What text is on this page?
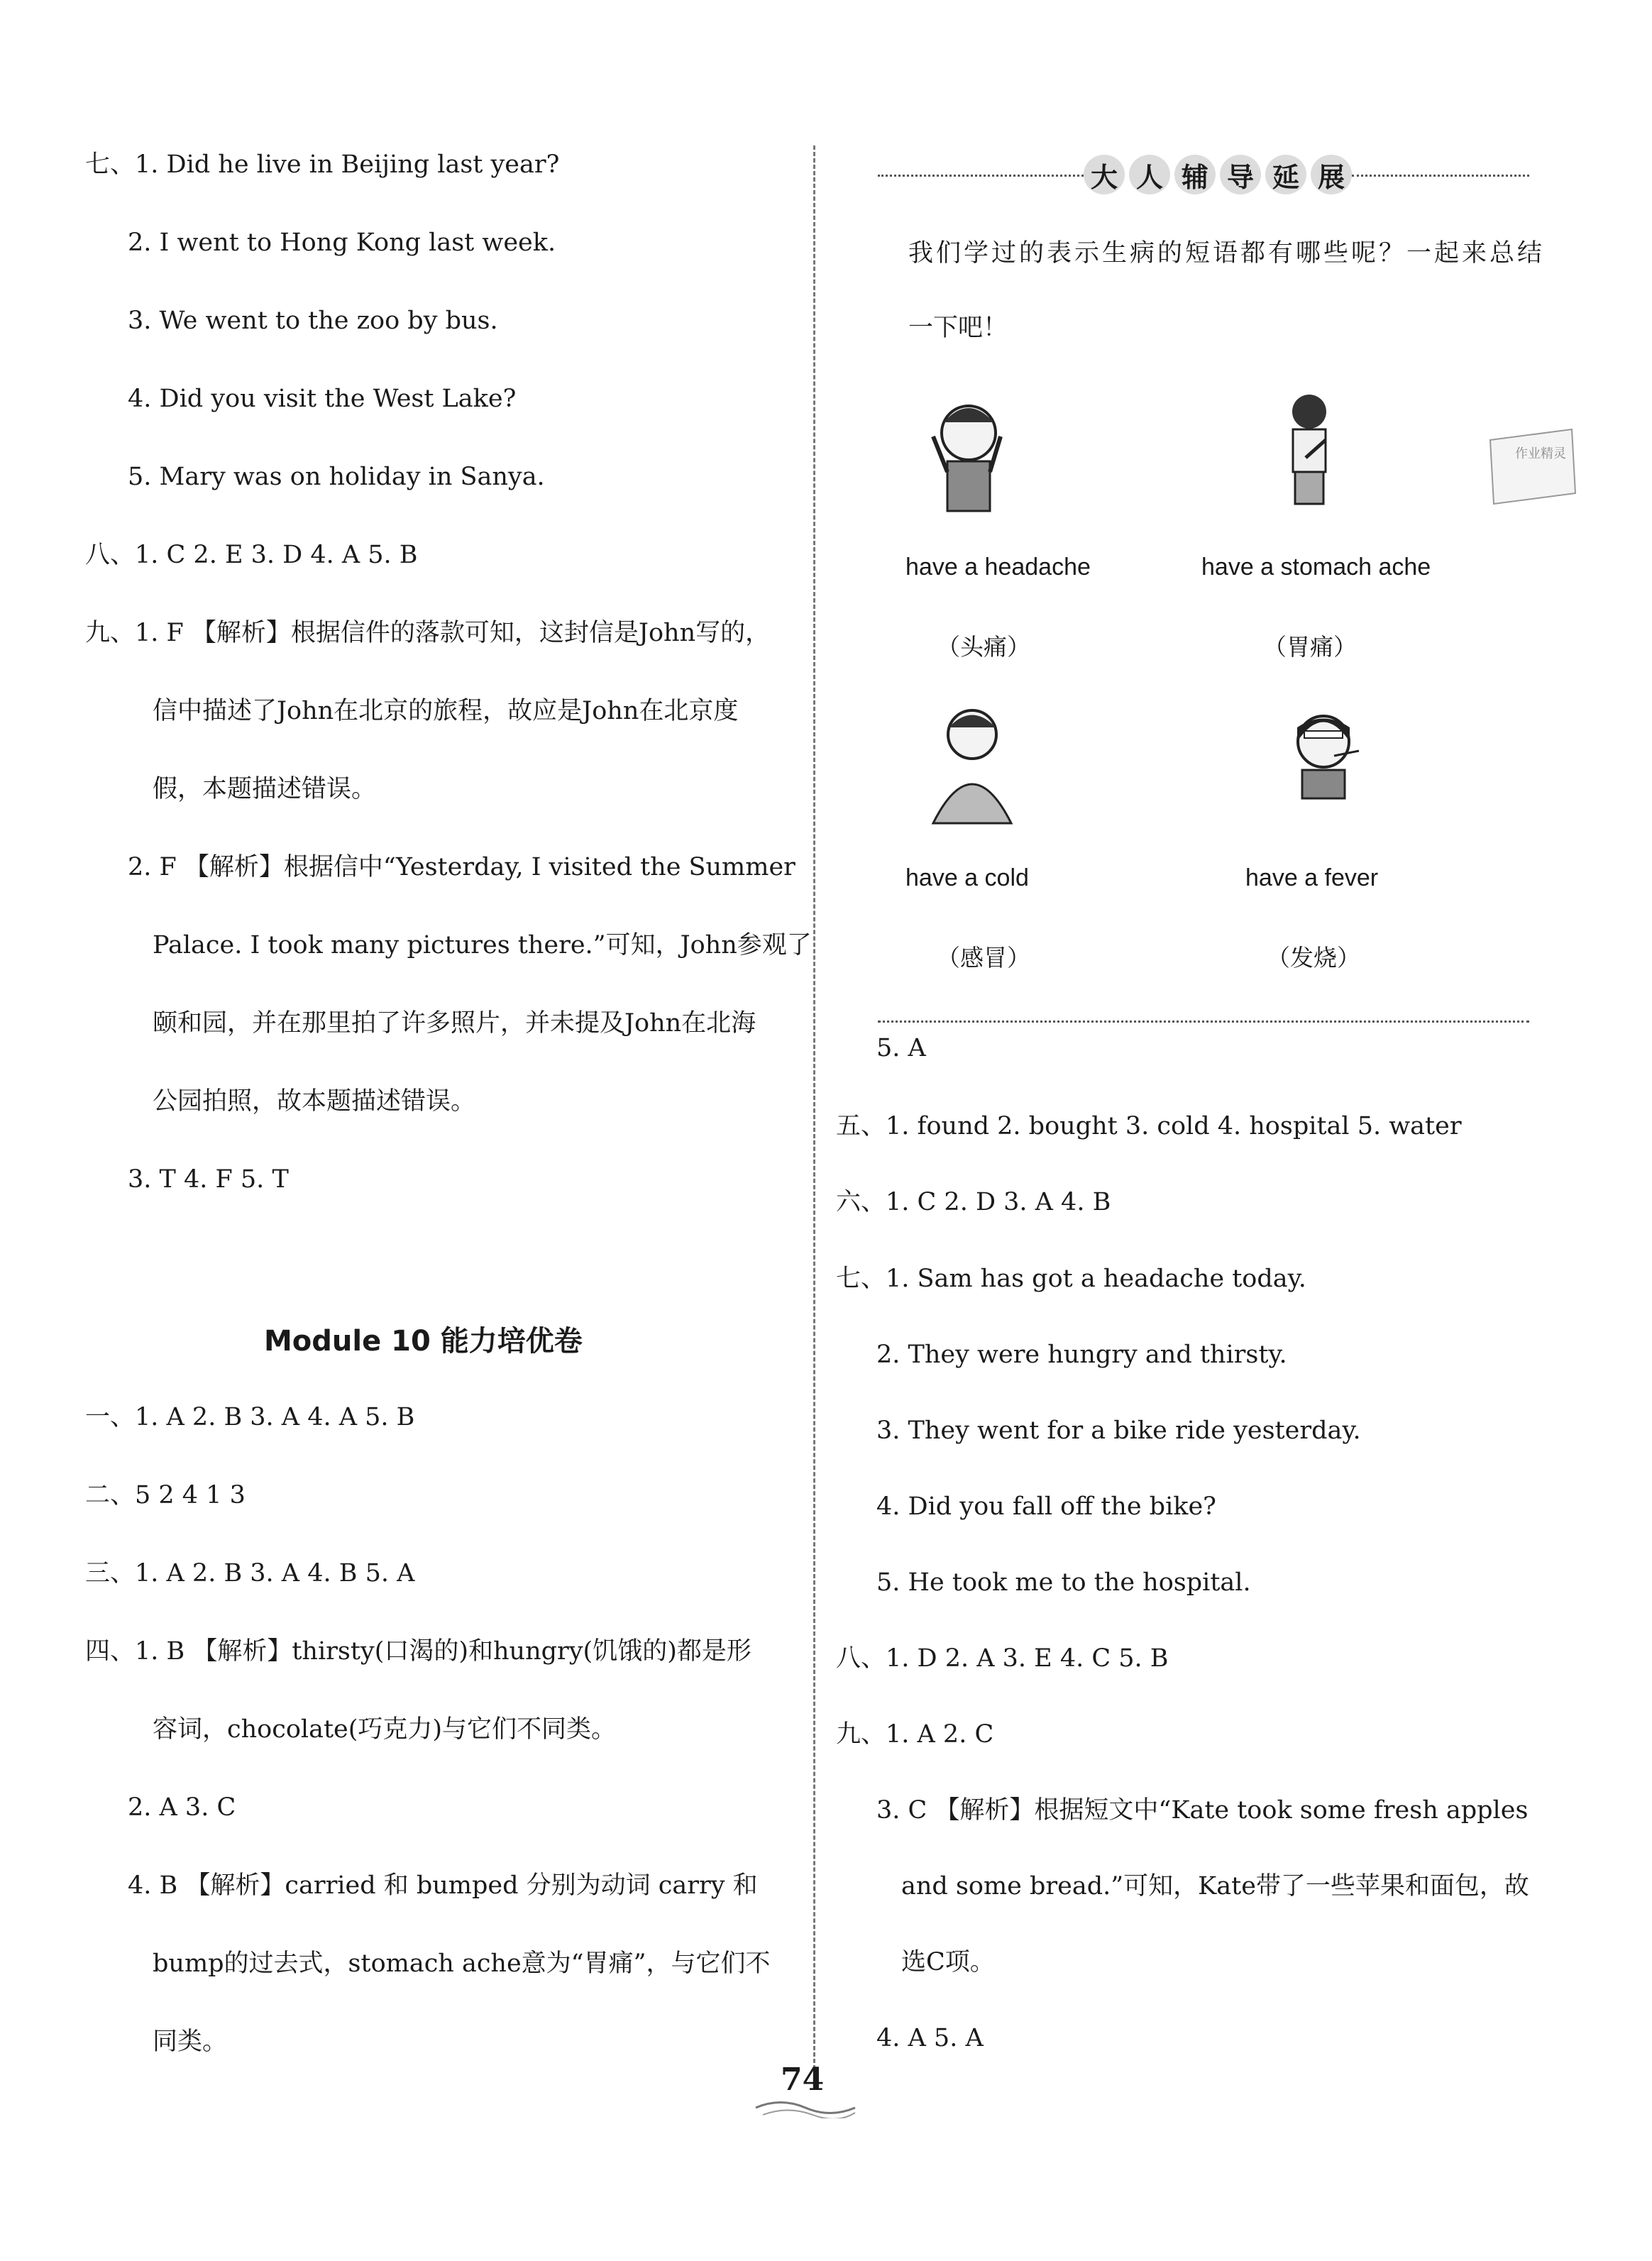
七、1. Did he live in Beijing last year?
2. I went to Hong Kong last week.
3. We went to the zoo by bus.
4. Did you visit the West Lake?
5. Mary was on holiday in Sanya.
八、1. C 2. E 3. D 4. A 5. B
九、1. F 【解析】根据信件的落款可知，这封信是John写的，
信中描述了John在北京的旅程，故应是John在北京度
假，本题描述错误。
2. F 【解析】根据信中“Yesterday, I visited the Summer
Palace. I took many pictures there.”可知，John参观了
颐和园，并在那里拍了许多照片，并未提及John在北海
公园拍照，故本题描述错误。
3. T 4. F 5. T
Module 10 能力培优卷
一、1. A 2. B 3. A 4. A 5. B
二、5 2 4 1 3
三、1. A 2. B 3. A 4. B 5. A
四、1. B 【解析】thirsty(口渴的)和hungry(饥饿的)都是形
容词，chocolate(巧克力)与它们不同类。
2. A 3. C
4. B 【解析】carried 和 bumped 分别为动词 carry 和
bump的过去式，stomach ache意为“胃痛”，与它们不
同类。
大 人 辅 导 延 展
我们学过的表示生病的短语都有哪些呢？一起来总结
一下吧！
have a headache	have a stomach ache
（头痛）	（胃痛）
have a cold	have a fever
（感冒）	（发烧）
作业精灵
5. A
五、1. found 2. bought 3. cold 4. hospital 5. water
六、1. C 2. D 3. A 4. B
七、1. Sam has got a headache today.
2. They were hungry and thirsty.
3. They went for a bike ride yesterday.
4. Did you fall off the bike?
5. He took me to the hospital.
八、1. D 2. A 3. E 4. C 5. B
九、1. A 2. C
3. C 【解析】根据短文中“Kate took some fresh apples
and some bread.”可知，Kate带了一些苹果和面包，故
选C项。
4. A 5. A
74
